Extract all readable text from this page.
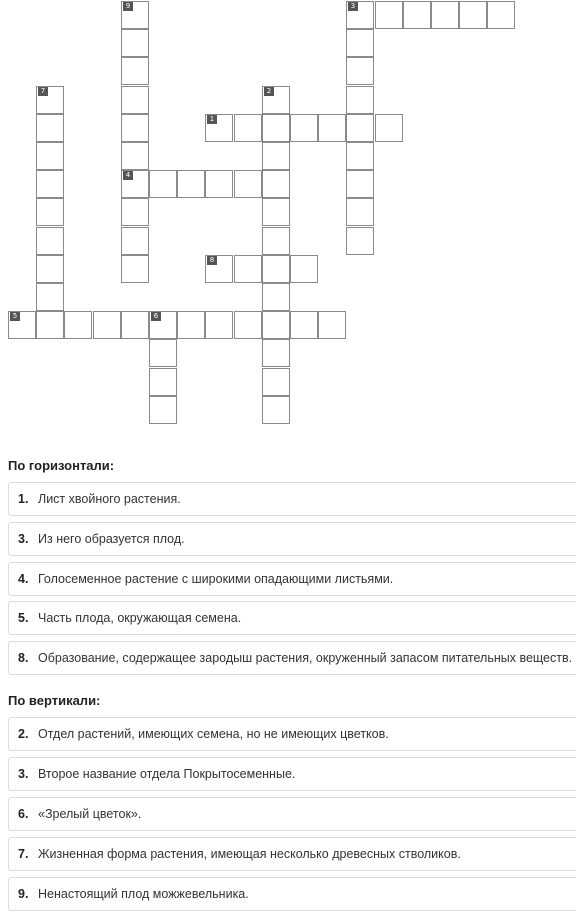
9
4
3
7	2
1
8
5	6
По горизонтали:
1. Лист хвойного растения.
3. Из него образуется плод.
4. Голосеменное растение с широкими опадающими листьями.
5. Часть плода, окружающая семена.
8. Образование, содержащее зародыш растения, окруженный запасом питательных веществ.
По вертикали:
2. Отдел растений, имеющих семена, но не имеющих цветков.
3. Второе название отдела Покрытосеменные.
6. «Зрелый цветок».
7. Жизненная форма растения, имеющая несколько древесных стволиков.
9. Ненастоящий плод можжевельника.
